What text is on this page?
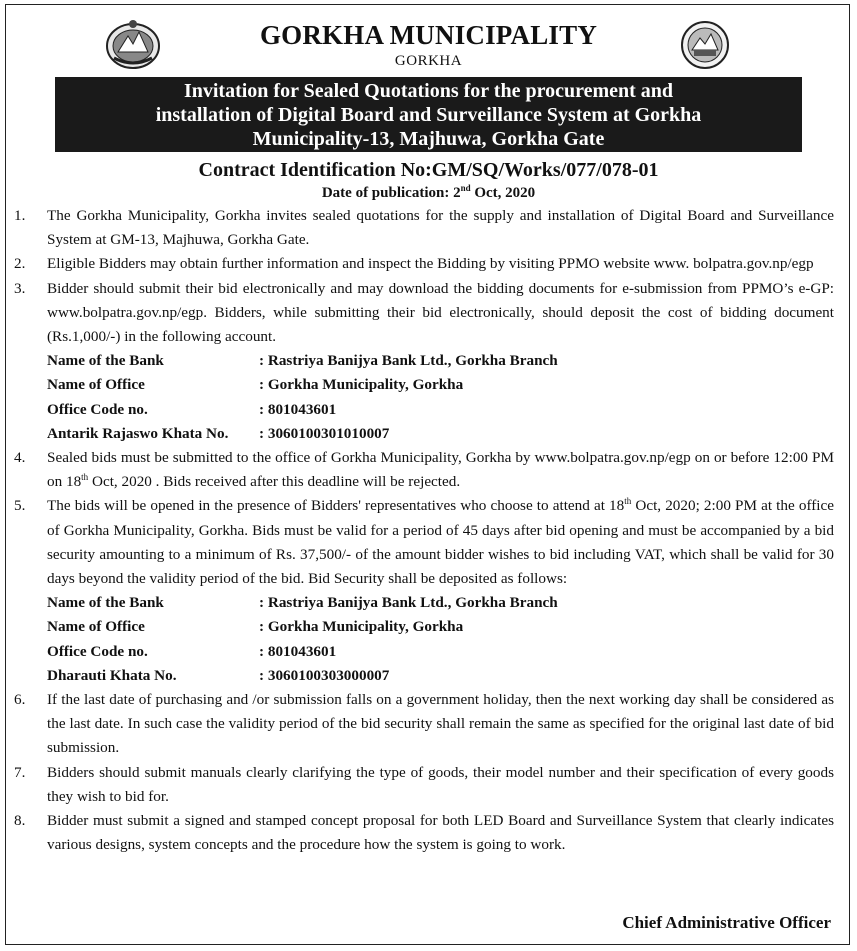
GORKHA MUNICIPALITY
GORKHA
Invitation for Sealed Quotations for the procurement and
installation of Digital Board and Surveillance System at Gorkha
Municipality-13, Majhuwa, Gorkha Gate
Contract Identification No:GM/SQ/Works/077/078-01
Date of publication: 2nd Oct, 2020
1.	The Gorkha Municipality, Gorkha invites sealed quotations for the supply and installation of Digital Board and Surveillance System at GM-13, Majhuwa, Gorkha Gate.
2.	Eligible Bidders may obtain further information and inspect the Bidding by visiting PPMO website www. bolpatra.gov.np/egp
3.	Bidder should submit their bid electronically and may download the bidding documents for e-submission from PPMO’s e-GP: www.bolpatra.gov.np/egp. Bidders, while submitting their bid electronically, should deposit the cost of bidding document (Rs.1,000/-) in the following account.
Name of the Bank	: Rastriya Banijya Bank Ltd., Gorkha Branch
Name of Office	: Gorkha Municipality, Gorkha
Office Code no.	: 801043601
Antarik Rajaswo Khata No.	: 3060100301010007
4.	Sealed bids must be submitted to the office of Gorkha Municipality, Gorkha by www.bolpatra.gov.np/egp on or before 12:00 PM on 18th Oct, 2020 . Bids received after this deadline will be rejected.
5.	The bids will be opened in the presence of Bidders' representatives who choose to attend at 18th Oct, 2020; 2:00 PM at the office of Gorkha Municipality, Gorkha. Bids must be valid for a period of 45 days after bid opening and must be accompanied by a bid security amounting to a minimum of Rs. 37,500/- of the amount bidder wishes to bid including VAT, which shall be valid for 30 days beyond the validity period of the bid. Bid Security shall be deposited as follows:
Name of the Bank	: Rastriya Banijya Bank Ltd., Gorkha Branch
Name of Office	: Gorkha Municipality, Gorkha
Office Code no.	: 801043601
Dharauti Khata No.	: 3060100303000007
6.	If the last date of purchasing and /or submission falls on a government holiday, then the next working day shall be considered as the last date. In such case the validity period of the bid security shall remain the same as specified for the original last date of bid submission.
7.	Bidders should submit manuals clearly clarifying the type of goods, their model number and their specification of every goods they wish to bid for.
8.	Bidder must submit a signed and stamped concept proposal for both LED Board and Surveillance System that clearly indicates various designs, system concepts and the procedure how the system is going to work.
Chief Administrative Officer
